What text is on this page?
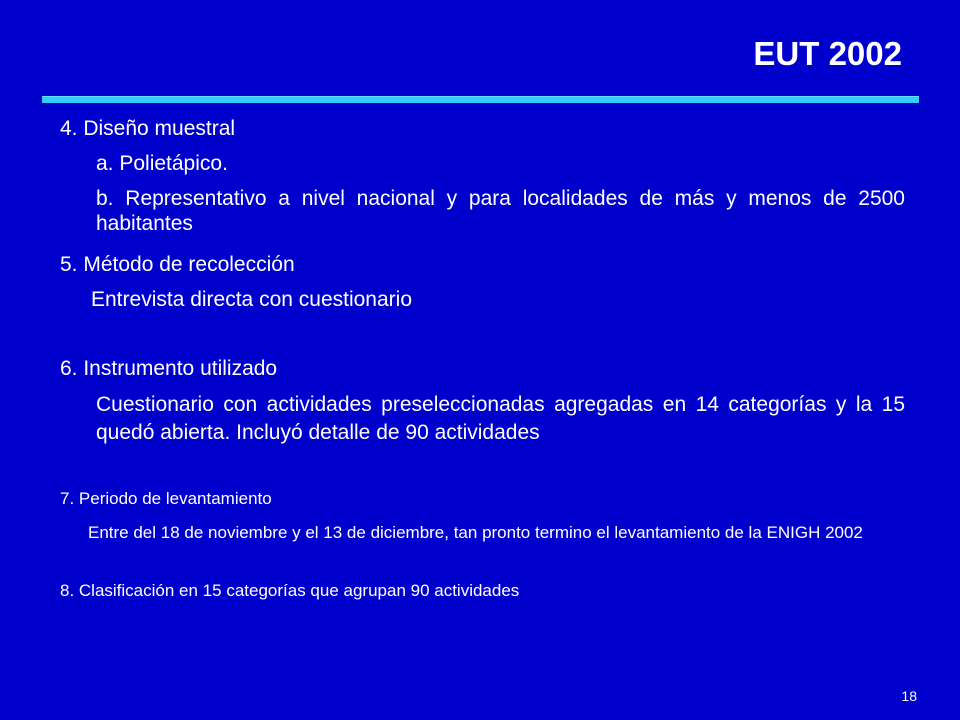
EUT 2002
4. Diseño muestral
a. Polietápico.
b. Representativo a nivel nacional y para localidades de más y menos de 2500 habitantes
5. Método de recolección
Entrevista directa con cuestionario
6. Instrumento utilizado
Cuestionario con actividades preseleccionadas agregadas en 14 categorías y la 15 quedó abierta. Incluyó detalle de 90 actividades
7. Periodo de levantamiento
Entre del 18 de noviembre y el 13 de diciembre, tan pronto termino el levantamiento de la ENIGH 2002
8. Clasificación en 15 categorías que agrupan 90 actividades
18
